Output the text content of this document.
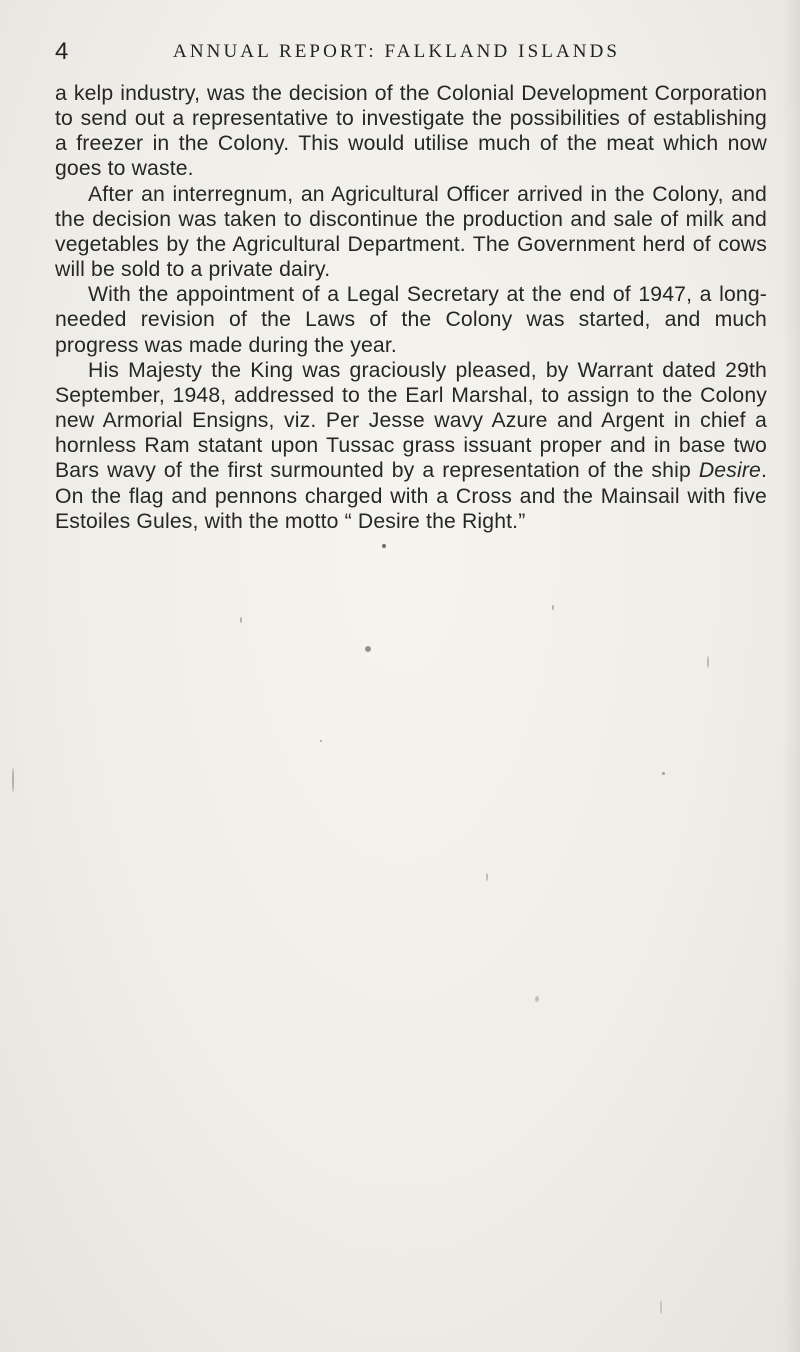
4	ANNUAL REPORT: FALKLAND ISLANDS

a kelp industry, was the decision of the Colonial Development Corporation to send out a representative to investigate the possibilities of establishing a freezer in the Colony. This would utilise much of the meat which now goes to waste.

After an interregnum, an Agricultural Officer arrived in the Colony, and the decision was taken to discontinue the production and sale of milk and vegetables by the Agricultural Department. The Government herd of cows will be sold to a private dairy.

With the appointment of a Legal Secretary at the end of 1947, a long-needed revision of the Laws of the Colony was started, and much progress was made during the year.

His Majesty the King was graciously pleased, by Warrant dated 29th September, 1948, addressed to the Earl Marshal, to assign to the Colony new Armorial Ensigns, viz. Per Jesse wavy Azure and Argent in chief a hornless Ram statant upon Tussac grass issuant proper and in base two Bars wavy of the first surmounted by a representation of the ship Desire. On the flag and pennons charged with a Cross and the Mainsail with five Estoiles Gules, with the motto “ Desire the Right.”
